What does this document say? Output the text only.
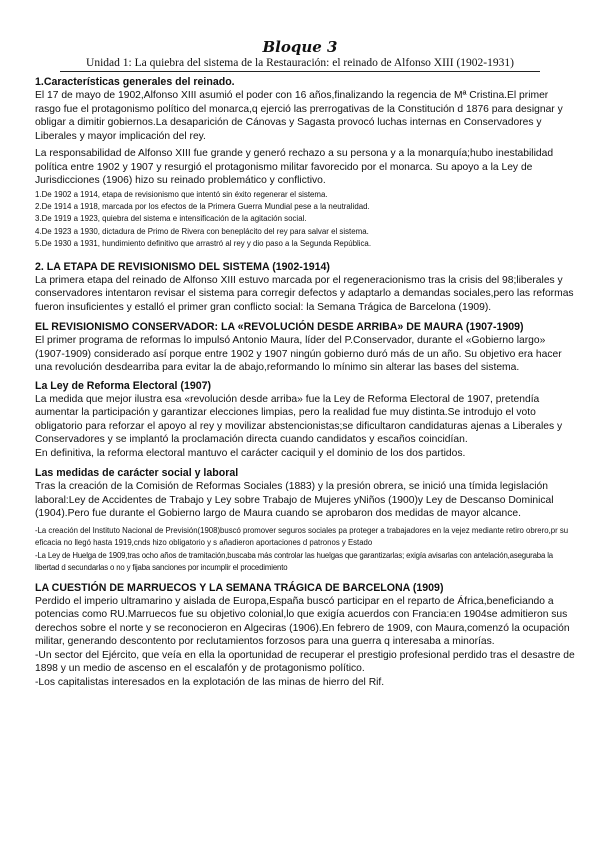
Bloque 3
Unidad 1: La quiebra del sistema de la Restauración: el reinado de Alfonso XIII (1902-1931)

1.Características generales del reinado.

El 17 de mayo de 1902,Alfonso XIII asumió el poder con 16 años,finalizando la regencia de Mª Cristina.El primer rasgo fue el protagonismo político del monarca,q ejerció las prerrogativas de la Constitución d 1876 para designar y obligar a dimitir gobiernos.La desaparición de Cánovas y Sagasta provocó luchas internas en Conservadores y Liberales y mayor implicación del rey.

La responsabilidad de Alfonso XIII fue grande y generó rechazo a su persona y a la monarquía;hubo inestabilidad política entre 1902 y 1907 y resurgió el protagonismo militar favorecido por el monarca. Su apoyo a la Ley de Jurisdicciones (1906) hizo su reinado problemático y conflictivo.

1.De 1902 a 1914, etapa de revisionismo que intentó sin éxito regenerar el sistema.
2.De 1914 a 1918, marcada por los efectos de la Primera Guerra Mundial pese a la neutralidad.
3.De 1919 a 1923, quiebra del sistema e intensificación de la agitación social.
4.De 1923 a 1930, dictadura de Primo de Rivera con beneplácito del rey para salvar el sistema.
5.De 1930 a 1931, hundimiento definitivo que arrastró al rey y dio paso a la Segunda República.

2. LA ETAPA DE REVISIONISMO DEL SISTEMA (1902-1914)

La primera etapa del reinado de Alfonso XIII estuvo marcada por el regeneracionismo tras la crisis del 98;liberales y conservadores intentaron revisar el sistema para corregir defectos y adaptarlo a demandas sociales,pero las reformas fueron insuficientes y estalló el primer gran conflicto social: la Semana Trágica de Barcelona (1909).

EL REVISIONISMO CONSERVADOR: LA «REVOLUCIÓN DESDE ARRIBA» DE MAURA (1907-1909)

El primer programa de reformas lo impulsó Antonio Maura, líder del P.Conservador, durante el «Gobierno largo» (1907-1909) considerado así porque entre 1902 y 1907 ningún gobierno duró más de un año. Su objetivo era hacer una revolución desdearriba para evitar la de abajo,reformando lo mínimo sin alterar las bases del sistema.

La Ley de Reforma Electoral (1907)

La medida que mejor ilustra esa «revolución desde arriba» fue la Ley de Reforma Electoral de 1907, pretendía aumentar la participación y garantizar elecciones limpias, pero la realidad fue muy distinta.Se introdujo el voto obligatorio para reforzar el apoyo al rey y movilizar abstencionistas;se dificultaron candidaturas ajenas a Liberales y Conservadores y se implantó la proclamación directa cuando candidatos y escaños coincidían.

En definitiva, la reforma electoral mantuvo el carácter caciquil y el dominio de los dos partidos.

Las medidas de carácter social y laboral

Tras la creación de la Comisión de Reformas Sociales (1883) y la presión obrera, se inició una tímida legislación laboral:Ley de Accidentes de Trabajo y Ley sobre Trabajo de Mujeres yNiños (1900)y Ley de Descanso Dominical (1904).Pero fue durante el Gobierno largo de Maura cuando se aprobaron dos medidas de mayor alcance.

-La creación del Instituto Nacional de Previsión(1908)buscó promover seguros sociales pa proteger a trabajadores en la vejez mediante retiro obrero,pr su eficacia no llegó hasta 1919,cnds hizo obligatorio y s añadieron aportaciones d patronos y Estado

-La Ley de Huelga de 1909,tras ocho años de tramitación,buscaba más controlar las huelgas que garantizarlas; exigía avisarlas con antelación,aseguraba la libertad d secundarlas o no y fijaba sanciones por incumplir el procedimiento

LA CUESTIÓN DE MARRUECOS Y LA SEMANA TRÁGICA DE BARCELONA (1909)

Perdido el imperio ultramarino y aislada de Europa,España buscó participar en el reparto de África,beneficiando a potencias como RU.Marruecos fue su objetivo colonial,lo que exigía acuerdos con Francia:en 1904se admitieron sus derechos sobre el norte y se reconocieron en Algeciras (1906).En febrero de 1909, con Maura,comenzó la ocupación militar, generando descontento por reclutamientos forzosos para una guerra q interesaba a minorías.

-Un sector del Ejército, que veía en ella la oportunidad de recuperar el prestigio profesional perdido tras el desastre de 1898 y un medio de ascenso en el escalafón y de protagonismo político.

-Los capitalistas interesados en la explotación de las minas de hierro del Rif.
